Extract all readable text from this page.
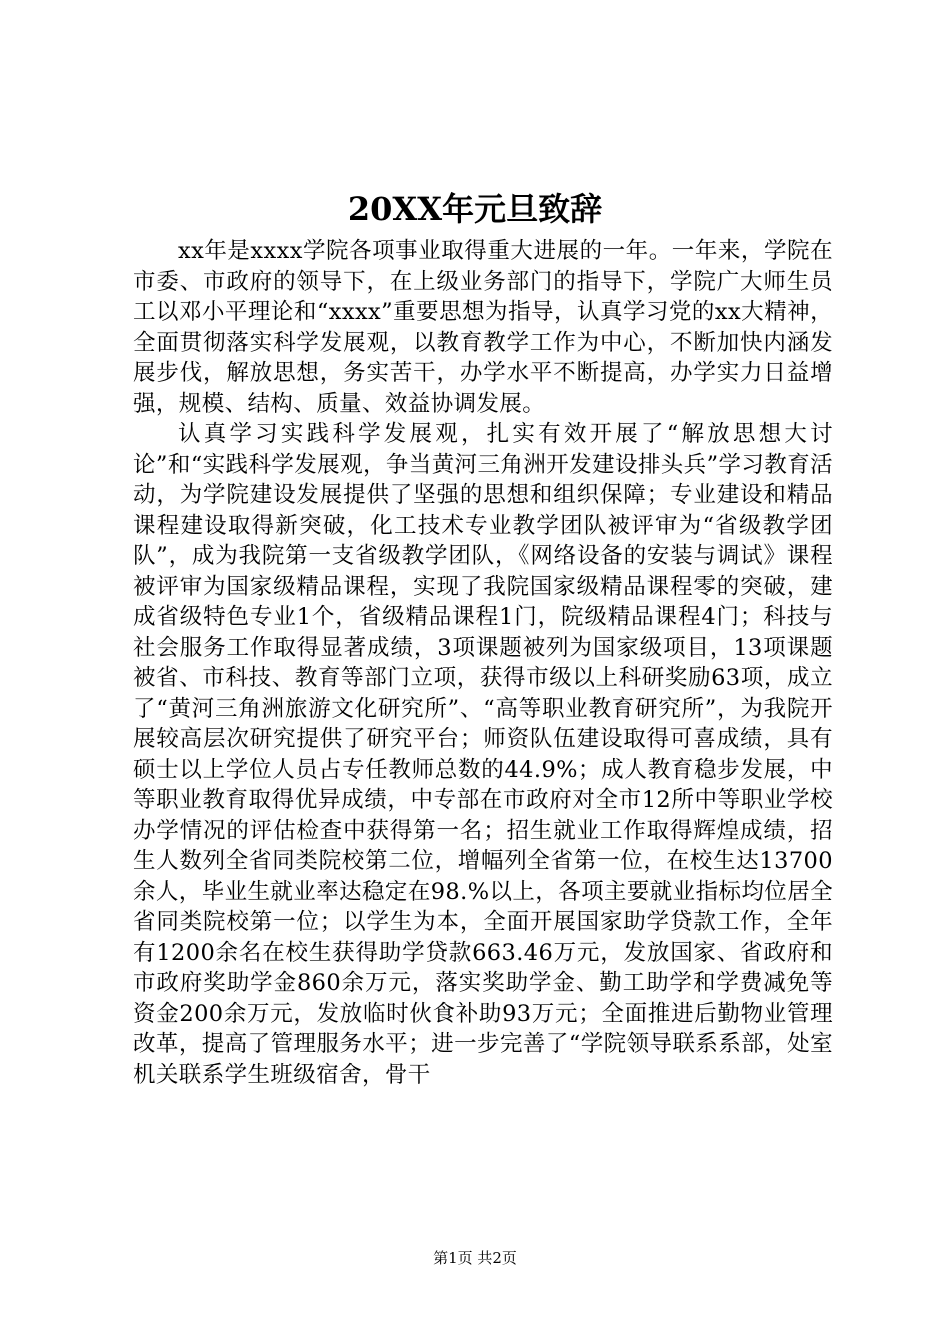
20XX年元旦致辞

xx年是xxxx学院各项事业取得重大进展的一年。一年来，学院在市委、市政府的领导下，在上级业务部门的指导下，学院广大师生员工以邓小平理论和“xxxx”重要思想为指导，认真学习党的xx大精神，全面贯彻落实科学发展观，以教育教学工作为中心，不断加快内涵发展步伐，解放思想，务实苦干，办学水平不断提高，办学实力日益增强，规模、结构、质量、效益协调发展。

认真学习实践科学发展观，扎实有效开展了“解放思想大讨论”和“实践科学发展观，争当黄河三角洲开发建设排头兵”学习教育活动，为学院建设发展提供了坚强的思想和组织保障；专业建设和精品课程建设取得新突破，化工技术专业教学团队被评审为“省级教学团队”，成为我院第一支省级教学团队，《网络设备的安装与调试》课程被评审为国家级精品课程，实现了我院国家级精品课程零的突破，建成省级特色专业1个，省级精品课程1门，院级精品课程4门；科技与社会服务工作取得显著成绩，3项课题被列为国家级项目，13项课题被省、市科技、教育等部门立项，获得市级以上科研奖励63项，成立了“黄河三角洲旅游文化研究所”、“高等职业教育研究所”，为我院开展较高层次研究提供了研究平台；师资队伍建设取得可喜成绩，具有硕士以上学位人员占专任教师总数的44.9%；成人教育稳步发展，中等职业教育取得优异成绩，中专部在市政府对全市12所中等职业学校办学情况的评估检查中获得第一名；招生就业工作取得辉煌成绩，招生人数列全省同类院校第二位，增幅列全省第一位，在校生达13700余人，毕业生就业率达稳定在98.%以上，各项主要就业指标均位居全省同类院校第一位；以学生为本，全面开展国家助学贷款工作，全年有1200余名在校生获得助学贷款663.46万元，发放国家、省政府和市政府奖助学金860余万元，落实奖助学金、勤工助学和学费减免等资金200余万元，发放临时伙食补助93万元；全面推进后勤物业管理改革，提高了管理服务水平；进一步完善了“学院领导联系系部，处室机关联系学生班级宿舍，骨干

第1页 共2页
